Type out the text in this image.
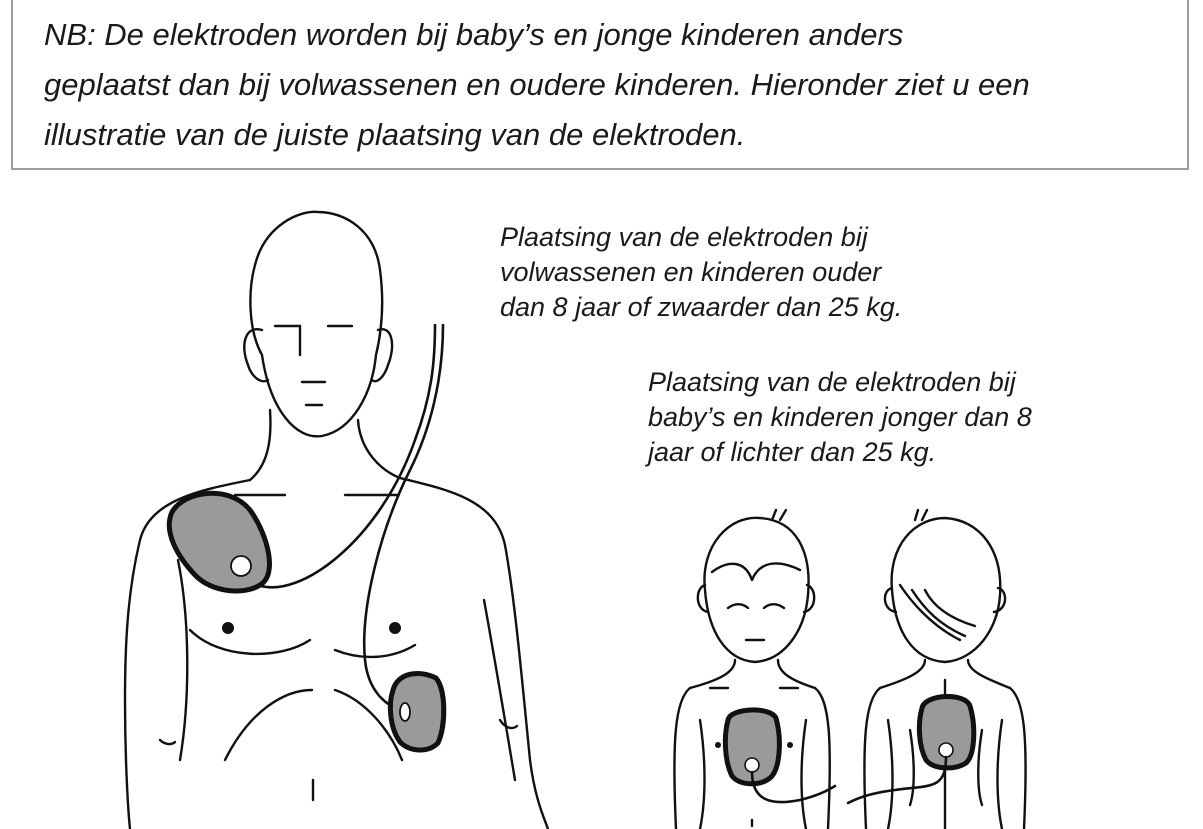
NB: De elektroden worden bij baby’s en jonge kinderen anders
geplaatst dan bij volwassenen en oudere kinderen. Hieronder ziet u een
illustratie van de juiste plaatsing van de elektroden.

Plaatsing van de elektroden bij
volwassenen en kinderen ouder
dan 8 jaar of zwaarder dan 25 kg.

Plaatsing van de elektroden bij
baby’s en kinderen jonger dan 8
jaar of lichter dan 25 kg.
